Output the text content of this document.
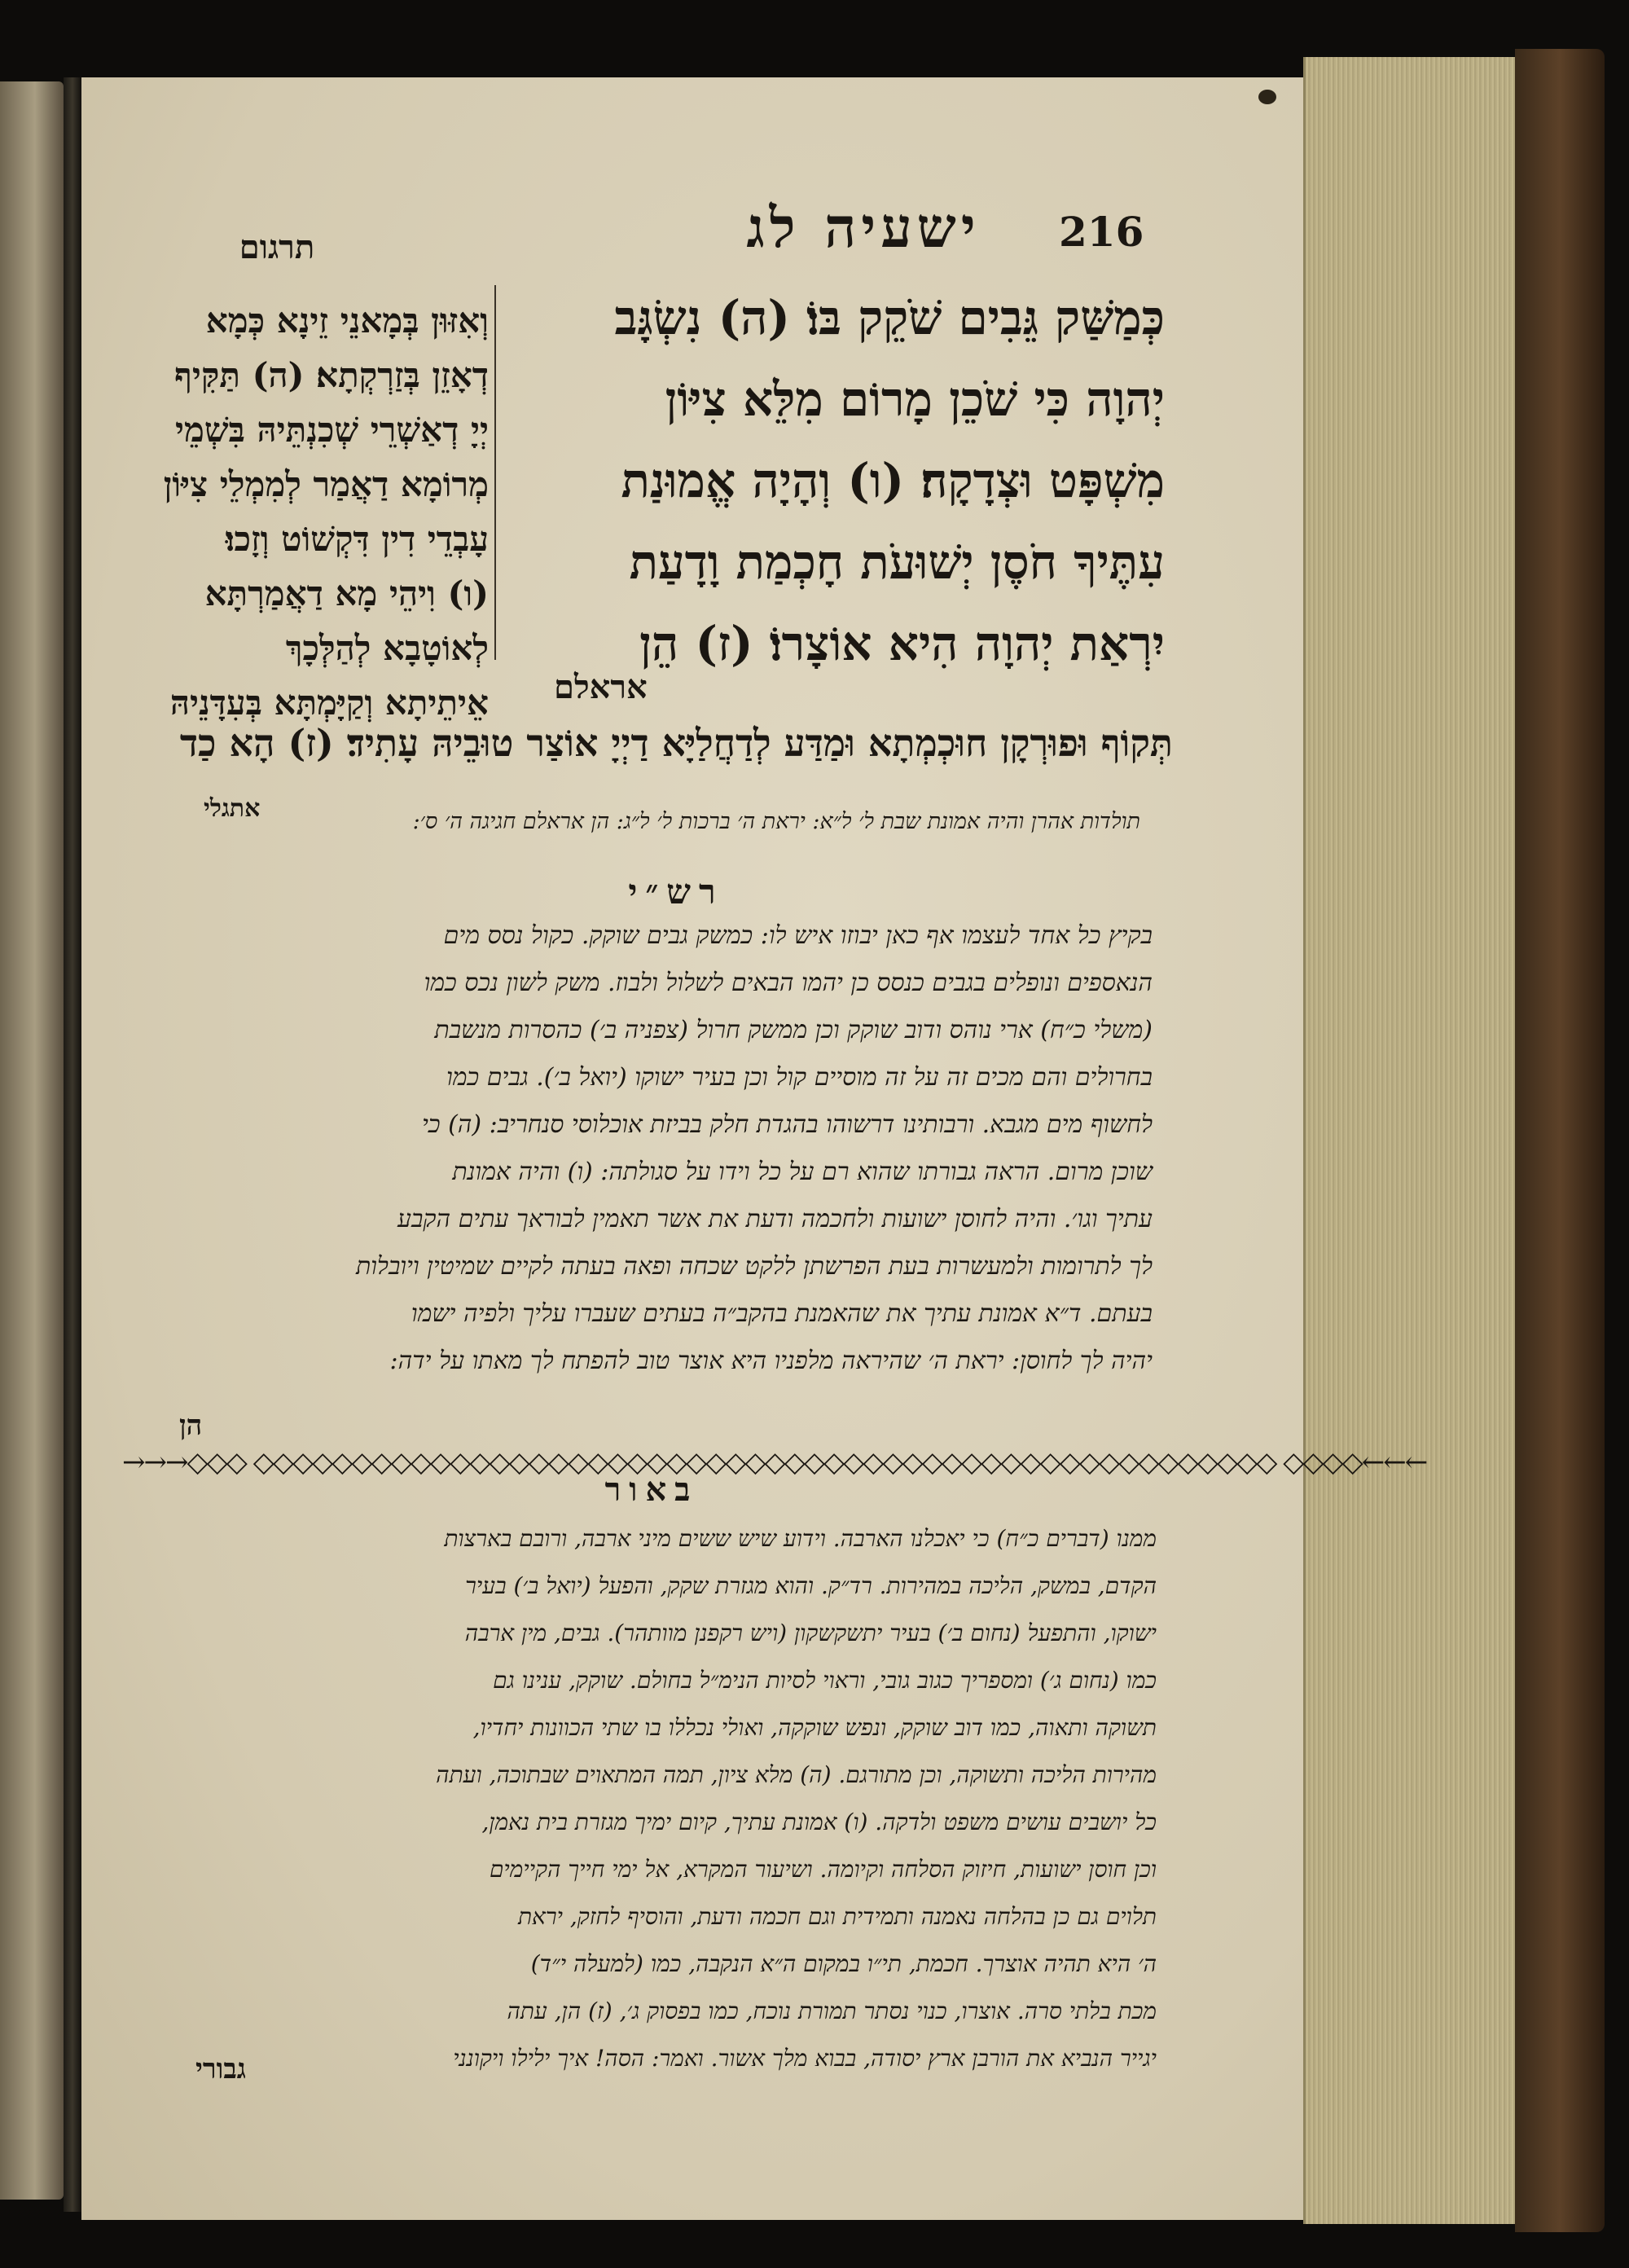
216
ישעיה לג
תרגום
כְּמַשַּׁק גֵּבִים שֹׁקֵק בּוֹ׃ (ה) נִשְׂגָּב
יְהוָה כִּי שֹׁכֵן מָרוֹם מִלֵּא צִיּוֹן
מִשְׁפָּט וּצְדָקָה׃ (ו) וְהָיָה אֱמוּנַת
עִתֶּיךָ חֹסֶן יְשׁוּעֹת חָכְמַת וָדָעַת
יִרְאַת יְהוָה הִיא אוֹצָרוֹ׃ (ז) הֵן
וְאִזּוּן בְּמָאנֵי זֵינָא כְּמָא
דְאָזֵן בְּזַרְקְתָא׃ (ה) תַּקִּיף
יְיָ דְאַשְׁרֵי שְׁכִנְתֵּיהּ בִּשְׁמֵי
מְרוֹמָא דַאֲמַר לְמִמְלֵי צִיּוֹן
עָבְדֵי דִין דִּקְשׁוֹט וְזָכוּ׃
(ו) וִיהֵי מָא דַאֲמַרְתָּא
לְאוֹטָבָא לְהַלְּכָךְ
אֵיתֵיתָא וְקַיָּמְתָּא בְּעִדָּנֵיהּ אראלם
תְּקוֹף וּפוּרְקָן חוּכְמְתָא וּמַדַּע לְדַחֲלַיָּא דַיְיָ אוֹצַר טוּבֵיהּ עָתִיד׃ (ז) הָא כַד
אתגלי	תולדות אהרן והיה אמונת שבת ל׳ ל״א: יראת ה׳ ברכות ל׳ ל״ג: הן אראלם חגיגה ה׳ ס׳:
רש״י
בקיץ כל אחד לעצמו אף כאן יבוזו איש לו: כמשק גבים שוקק. כקול נסס מים
הנאספים ונופלים בגבים כנסס כן יהמו הבאים לשלול ולבוז. משק לשון נכס כמו
(משלי כ״ח) ארי נוהס ודוב שוקק וכן ממשק חרול (צפניה ב׳) כהסרות מנשבת
בחרולים והם מכים זה על זה מוסיים קול וכן בעיר ישוקו (יואל ב׳). גבים כמו
לחשוף מים מגבא. ורבותינו דרשוהו בהגדת חלק בביזת אוכלוסי סנחריב: (ה) כי
שוכן מרום. הראה גבורתו שהוא רם על כל וידו על סגולתה: (ו) והיה אמונת
עתיך וגו׳. והיה לחוסן ישועות ולחכמה ודעת את אשר תאמין לבוראך עתים הקבע
לך לתרומות ולמעשרות בעת הפרשתן ללקט שכחה ופאה בעתה לקיים שמיטין ויובלות
בעתם. ד״א אמונת עתיך את שהאמנת בהקב״ה בעתים שעברו עליך ולפיה ישמו
יהיה לך לחוסן: יראת ה׳ שהיראה מלפניו היא אוצר טוב להפתח לך מאתו על ידה:
הן
→→→◇◇◇ ◇◇◇◇◇◇◇◇◇◇◇◇◇◇◇◇◇◇◇◇◇◇◇◇◇◇◇◇◇◇◇◇◇◇◇◇◇◇◇◇◇◇◇◇◇◇◇◇◇◇◇◇ ◇◇◇◇←←←
באור
ממנו (דברים כ״ח) כי יאכלנו הארבה. וידוע שיש ששים מיני ארבה, ורובם בארצות
הקדם, במשק, הליכה במהירות. רד״ק. והוא מגזרת שקק, והפעל (יואל ב׳) בעיר
ישוקו, והתפעל (נחום ב׳) בעיר יתשקשקון (ויש רקפנן מוותהר). גבים, מין ארבה
כמו (נחום ג׳) ומספריך כגוב גובי, וראוי לסיות הנימ״ל בחולם. שוקק, ענינו גם
תשוקה ותאוה, כמו דוב שוקק, ונפש שוקקה, ואולי נכללו בו שתי הכוונות יחדיו,
מהירות הליכה ותשוקה, וכן מתורגם. (ה) מלא ציון, תמה המתאוים שבתוכה, ועתה
כל יושבים עושים משפט ולדקה. (ו) אמונת עתיך, קיום ימיך מגזרת בית נאמן,
וכן חוסן ישועות, חיזוק הסלחה וקיומה. ושיעור המקרא, אל ימי חייך הקיימים
תלוים גם כן בהלחה נאמנה ותמידית וגם חכמה ודעת, והוסיף לחזק, יראת
ה׳ היא תהיה אוצרך. חכמת, תי״ו במקום ה״א הנקבה, כמו (למעלה י״ד)
מכת בלתי סרה. אוצרו, כנוי נסתר תמורת נוכח, כמו בפסוק ג׳, (ז) הן, עתה
יגייר הנביא את הורבן ארץ יסודה, בבוא מלך אשור. ואמר: הסה! איך ילילו ויקונני
גבורי
